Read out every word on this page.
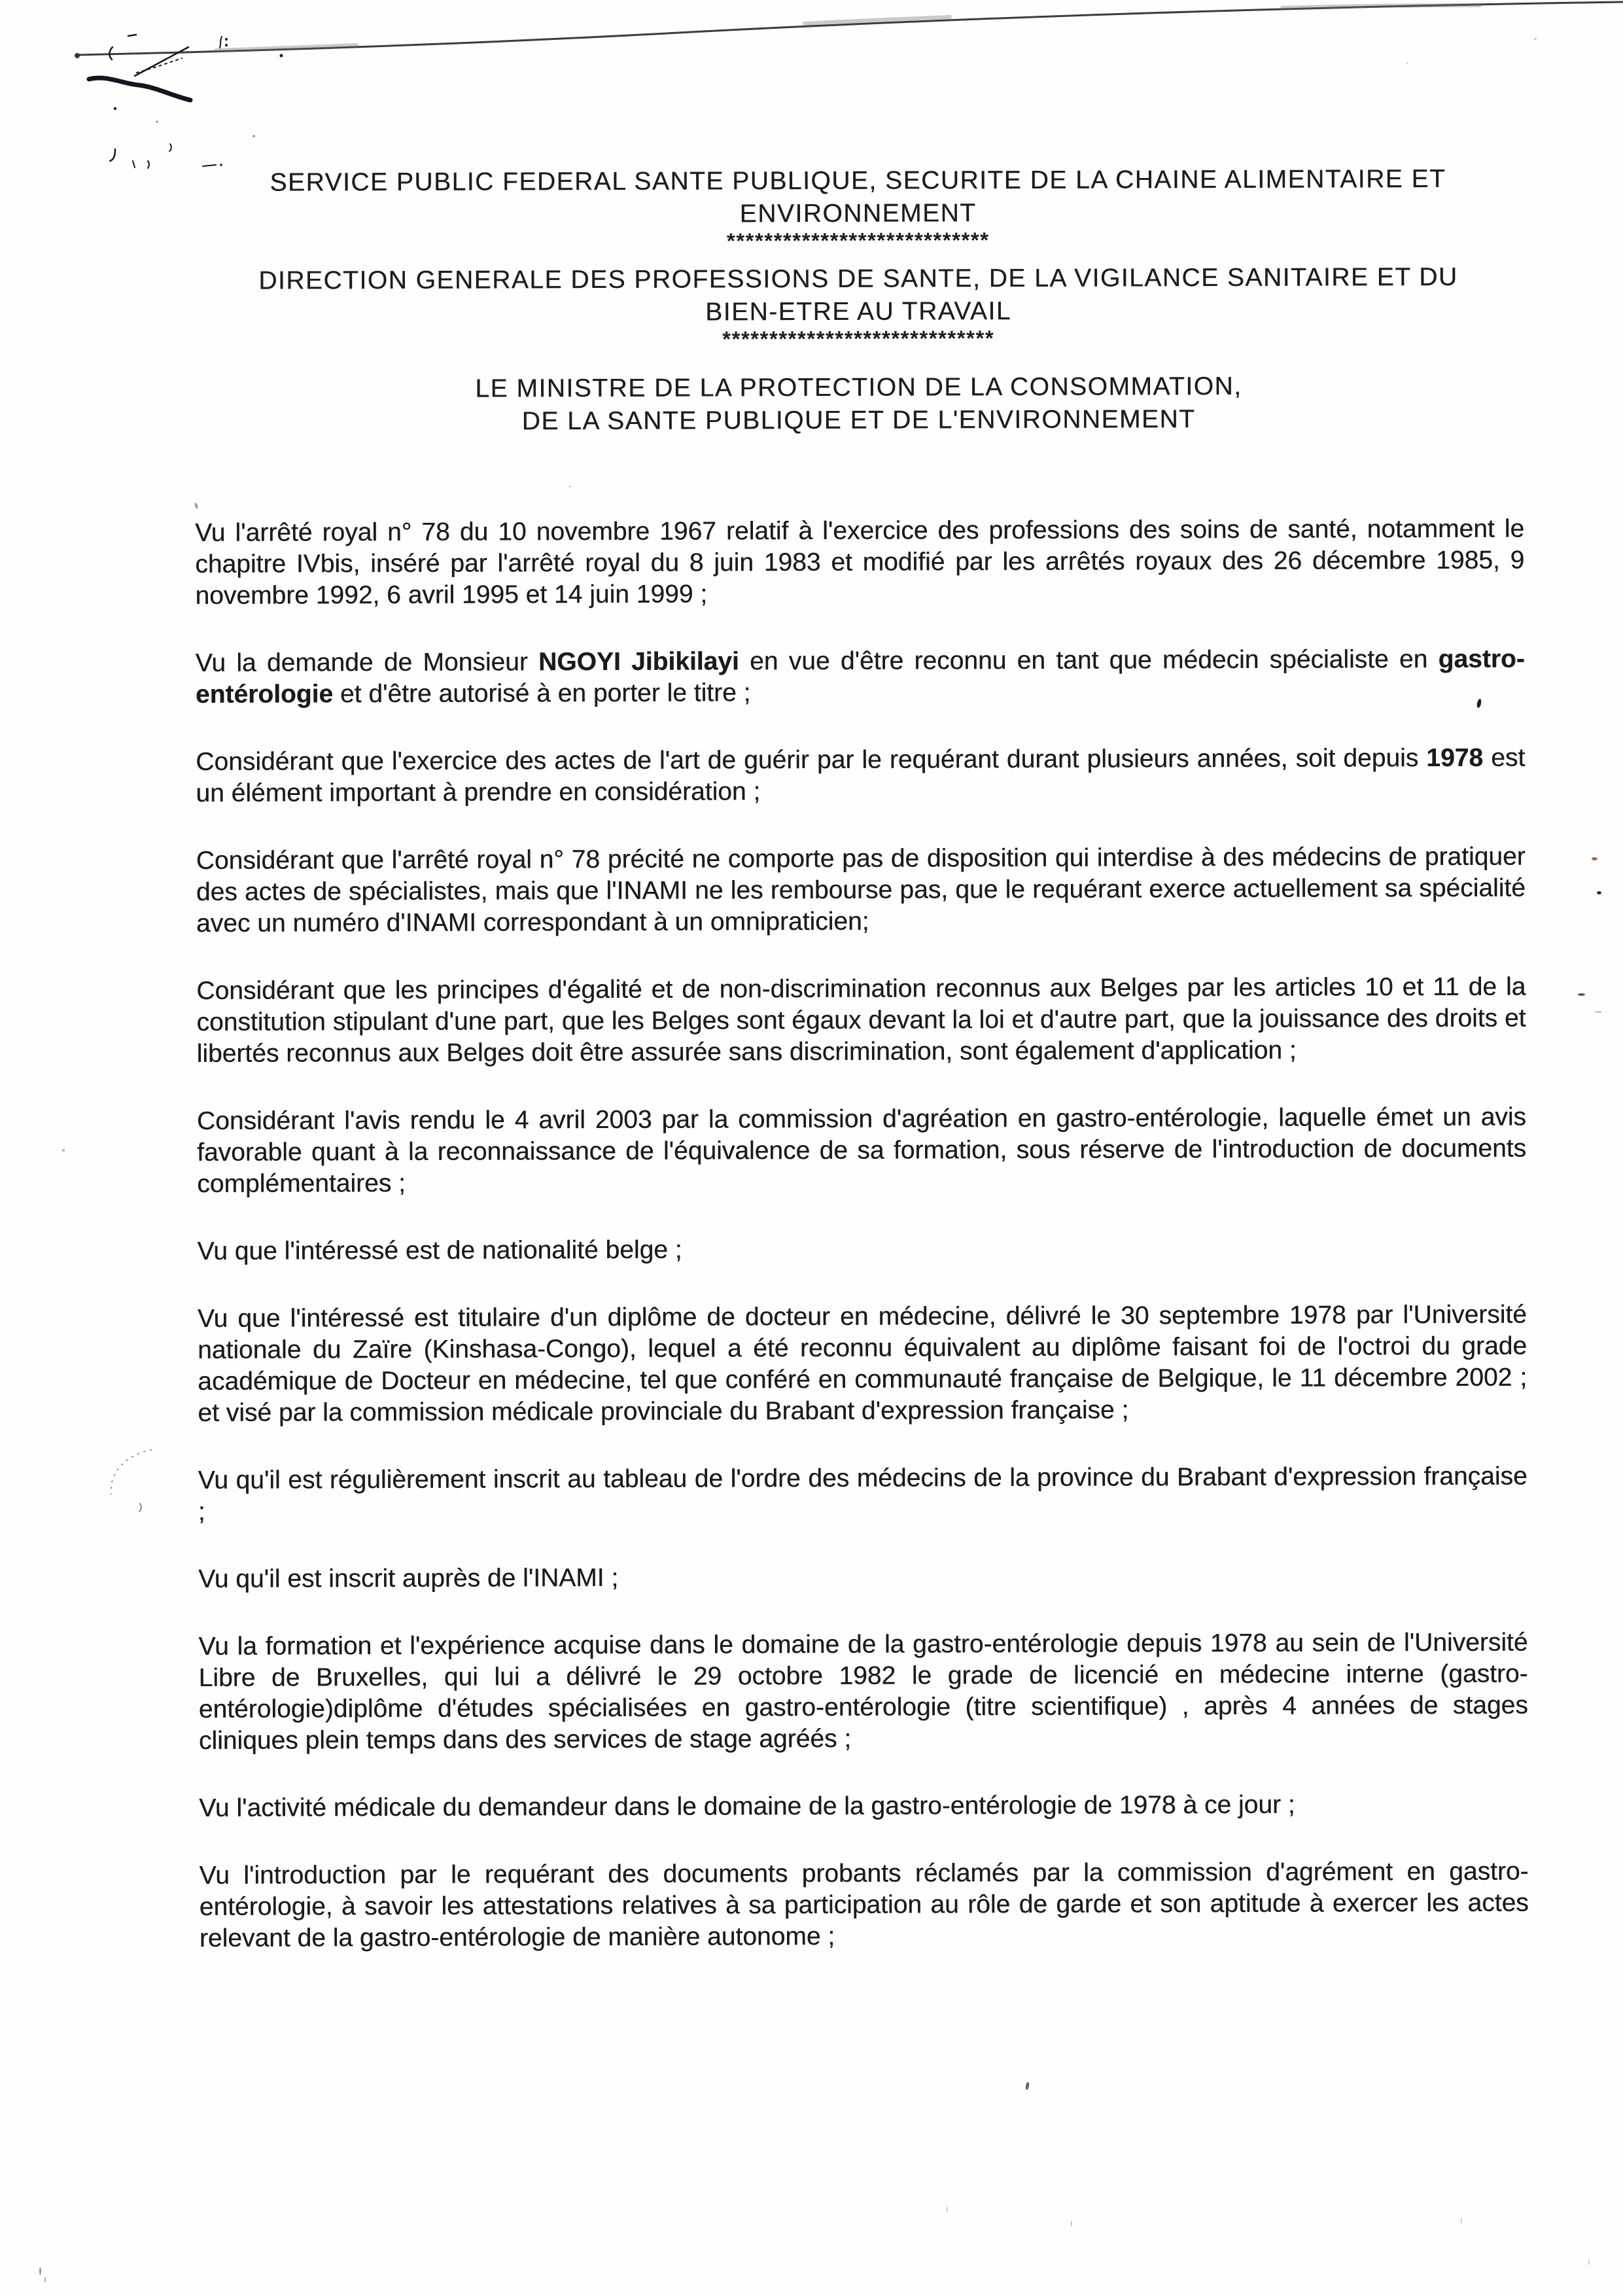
SERVICE PUBLIC FEDERAL SANTE PUBLIQUE, SECURITE DE LA CHAINE ALIMENTAIRE ET
ENVIRONNEMENT
****************************
DIRECTION GENERALE DES PROFESSIONS DE SANTE, DE LA VIGILANCE SANITAIRE ET DU
BIEN-ETRE AU TRAVAIL
*****************************
LE MINISTRE DE LA PROTECTION DE LA CONSOMMATION,
DE LA SANTE PUBLIQUE ET DE L'ENVIRONNEMENT

Vu l'arrêté royal n° 78 du 10 novembre 1967 relatif à l'exercice des professions des soins de santé, notamment le chapitre IVbis, inséré par l'arrêté royal du 8 juin 1983 et modifié par les arrêtés royaux des 26 décembre 1985, 9 novembre 1992, 6 avril 1995 et 14 juin 1999 ;

Vu la demande de Monsieur NGOYI Jibikilayi en vue d'être reconnu en tant que médecin spécialiste en gastro-entérologie et d'être autorisé à en porter le titre ;

Considérant que l'exercice des actes de l'art de guérir par le requérant durant plusieurs années, soit depuis 1978 est un élément important à prendre en considération ;

Considérant que l'arrêté royal n° 78 précité ne comporte pas de disposition qui interdise à des médecins de pratiquer des actes de spécialistes, mais que l'INAMI ne les rembourse pas, que le requérant exerce actuellement sa spécialité avec un numéro d'INAMI correspondant à un omnipraticien;

Considérant que les principes d'égalité et de non-discrimination reconnus aux Belges par les articles 10 et 11 de la constitution stipulant d'une part, que les Belges sont égaux devant la loi et d'autre part, que la jouissance des droits et libertés reconnus aux Belges doit être assurée sans discrimination, sont également d'application ;

Considérant l'avis rendu le 4 avril 2003 par la commission d'agréation en gastro-entérologie, laquelle émet un avis favorable quant à la reconnaissance de l'équivalence de sa formation, sous réserve de l'introduction de documents complémentaires ;

Vu que l'intéressé est de nationalité belge ;

Vu que l'intéressé est titulaire d'un diplôme de docteur en médecine, délivré le 30 septembre 1978 par l'Université nationale du Zaïre (Kinshasa-Congo), lequel a été reconnu équivalent au diplôme faisant foi de l'octroi du grade académique de Docteur en médecine, tel que conféré en communauté française de Belgique, le 11 décembre 2002 ; et visé par la commission médicale provinciale du Brabant d'expression française ;

Vu qu'il est régulièrement inscrit au tableau de l'ordre des médecins de la province du Brabant d'expression française ;

Vu qu'il est inscrit auprès de l'INAMI ;

Vu la formation et l'expérience acquise dans le domaine de la gastro-entérologie depuis 1978 au sein de l'Université Libre de Bruxelles, qui lui a délivré le 29 octobre 1982 le grade de licencié en médecine interne (gastro-entérologie)diplôme d'études spécialisées en gastro-entérologie (titre scientifique) , après 4 années de stages cliniques plein temps dans des services de stage agréés ;

Vu l'activité médicale du demandeur dans le domaine de la gastro-entérologie de 1978 à ce jour ;

Vu l'introduction par le requérant des documents probants réclamés par la commission d'agrément en gastro-entérologie, à savoir les attestations relatives à sa participation au rôle de garde et son aptitude à exercer les actes relevant de la gastro-entérologie de manière autonome ;
